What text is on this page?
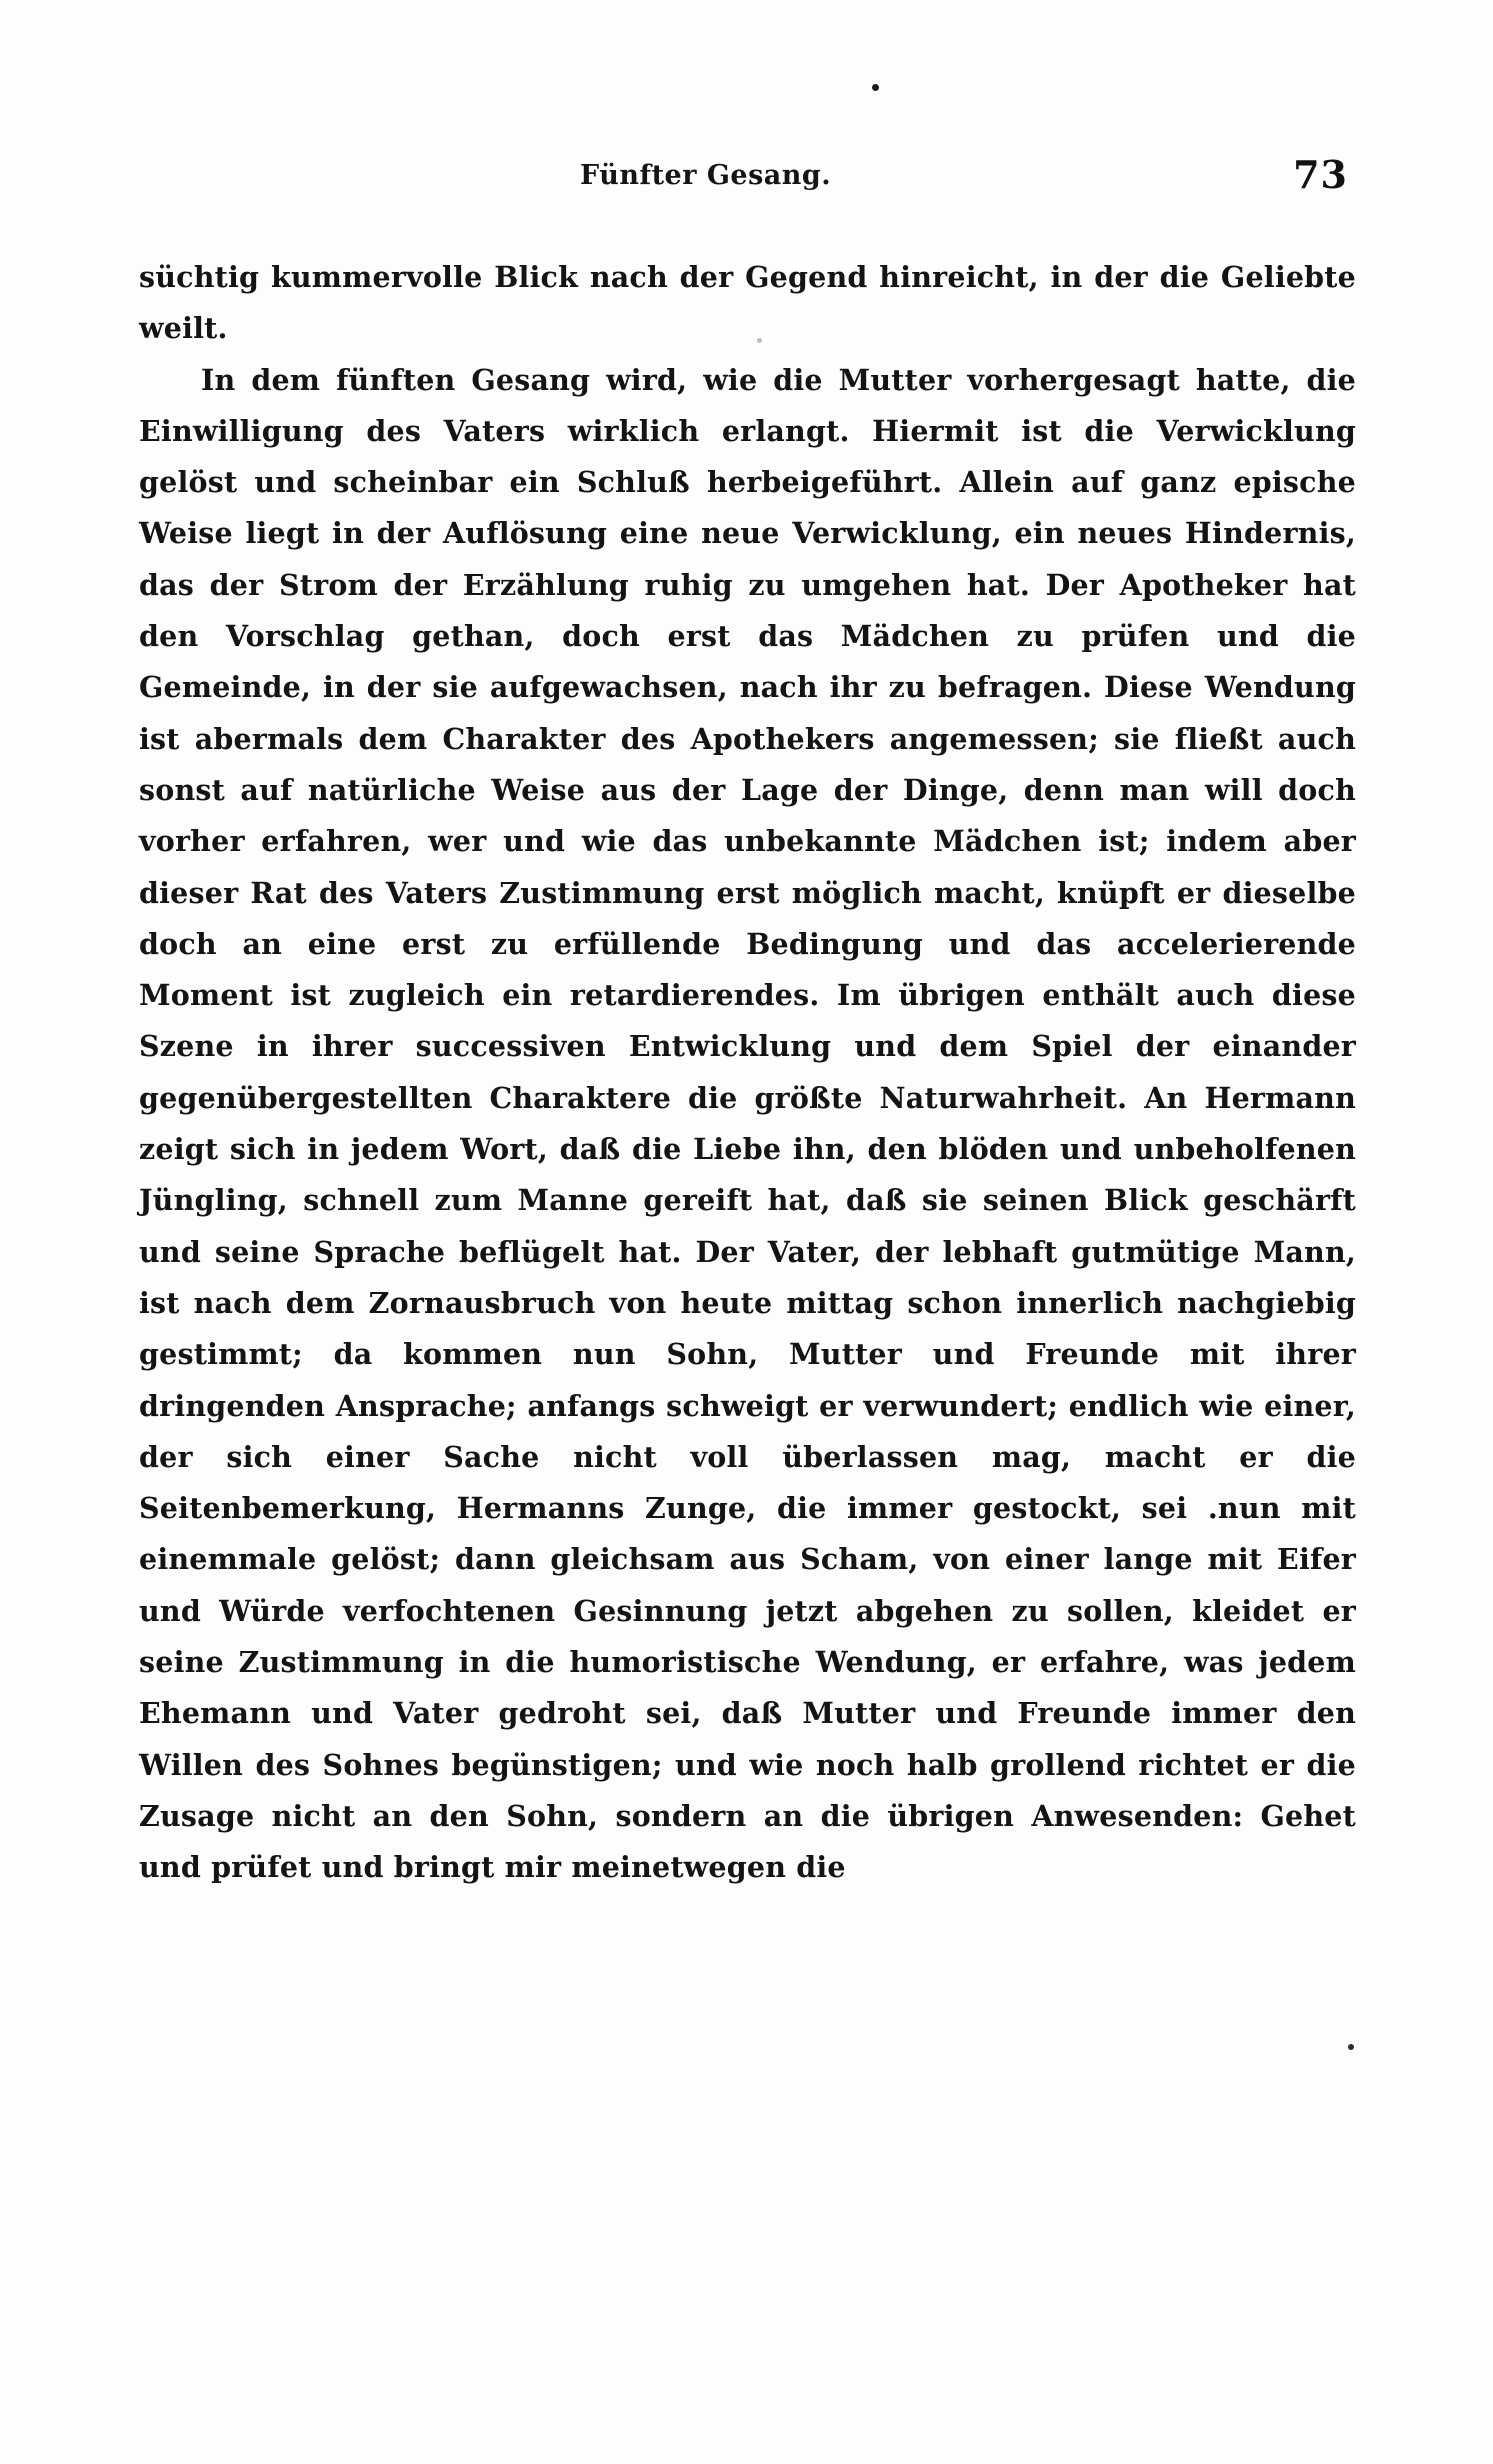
Fünfter Gesang.	73

süchtig kummervolle Blick nach der Gegend hinreicht, in der die Geliebte weilt.

In dem fünften Gesang wird, wie die Mutter vorhergesagt hatte, die Einwilligung des Vaters wirklich erlangt. Hiermit ist die Verwicklung gelöst und scheinbar ein Schluß herbeigeführt. Allein auf ganz epische Weise liegt in der Auflösung eine neue Verwicklung, ein neues Hindernis, das der Strom der Erzählung ruhig zu umgehen hat. Der Apotheker hat den Vorschlag gethan, doch erst das Mädchen zu prüfen und die Gemeinde, in der sie aufgewachsen, nach ihr zu befragen. Diese Wendung ist abermals dem Charakter des Apothekers angemessen; sie fließt auch sonst auf natürliche Weise aus der Lage der Dinge, denn man will doch vorher erfahren, wer und wie das unbekannte Mädchen ist; indem aber dieser Rat des Vaters Zustimmung erst möglich macht, knüpft er dieselbe doch an eine erst zu erfüllende Bedingung und das accelerierende Moment ist zugleich ein retardierendes. Im übrigen enthält auch diese Szene in ihrer successiven Entwicklung und dem Spiel der einander gegenübergestellten Charaktere die größte Naturwahrheit. An Hermann zeigt sich in jedem Wort, daß die Liebe ihn, den blöden und unbeholfenen Jüngling, schnell zum Manne gereift hat, daß sie seinen Blick geschärft und seine Sprache beflügelt hat. Der Vater, der lebhaft gutmütige Mann, ist nach dem Zornausbruch von heute mittag schon innerlich nachgiebig gestimmt; da kommen nun Sohn, Mutter und Freunde mit ihrer dringenden Ansprache; anfangs schweigt er verwundert; endlich wie einer, der sich einer Sache nicht voll überlassen mag, macht er die Seitenbemerkung, Hermanns Zunge, die immer gestockt, sei .nun mit einemmale gelöst; dann gleichsam aus Scham, von einer lange mit Eifer und Würde verfochtenen Gesinnung jetzt abgehen zu sollen, kleidet er seine Zustimmung in die humoristische Wendung, er erfahre, was jedem Ehemann und Vater gedroht sei, daß Mutter und Freunde immer den Willen des Sohnes begünstigen; und wie noch halb grollend richtet er die Zusage nicht an den Sohn, sondern an die übrigen Anwesenden: Gehet und prüfet und bringt mir meinetwegen die
